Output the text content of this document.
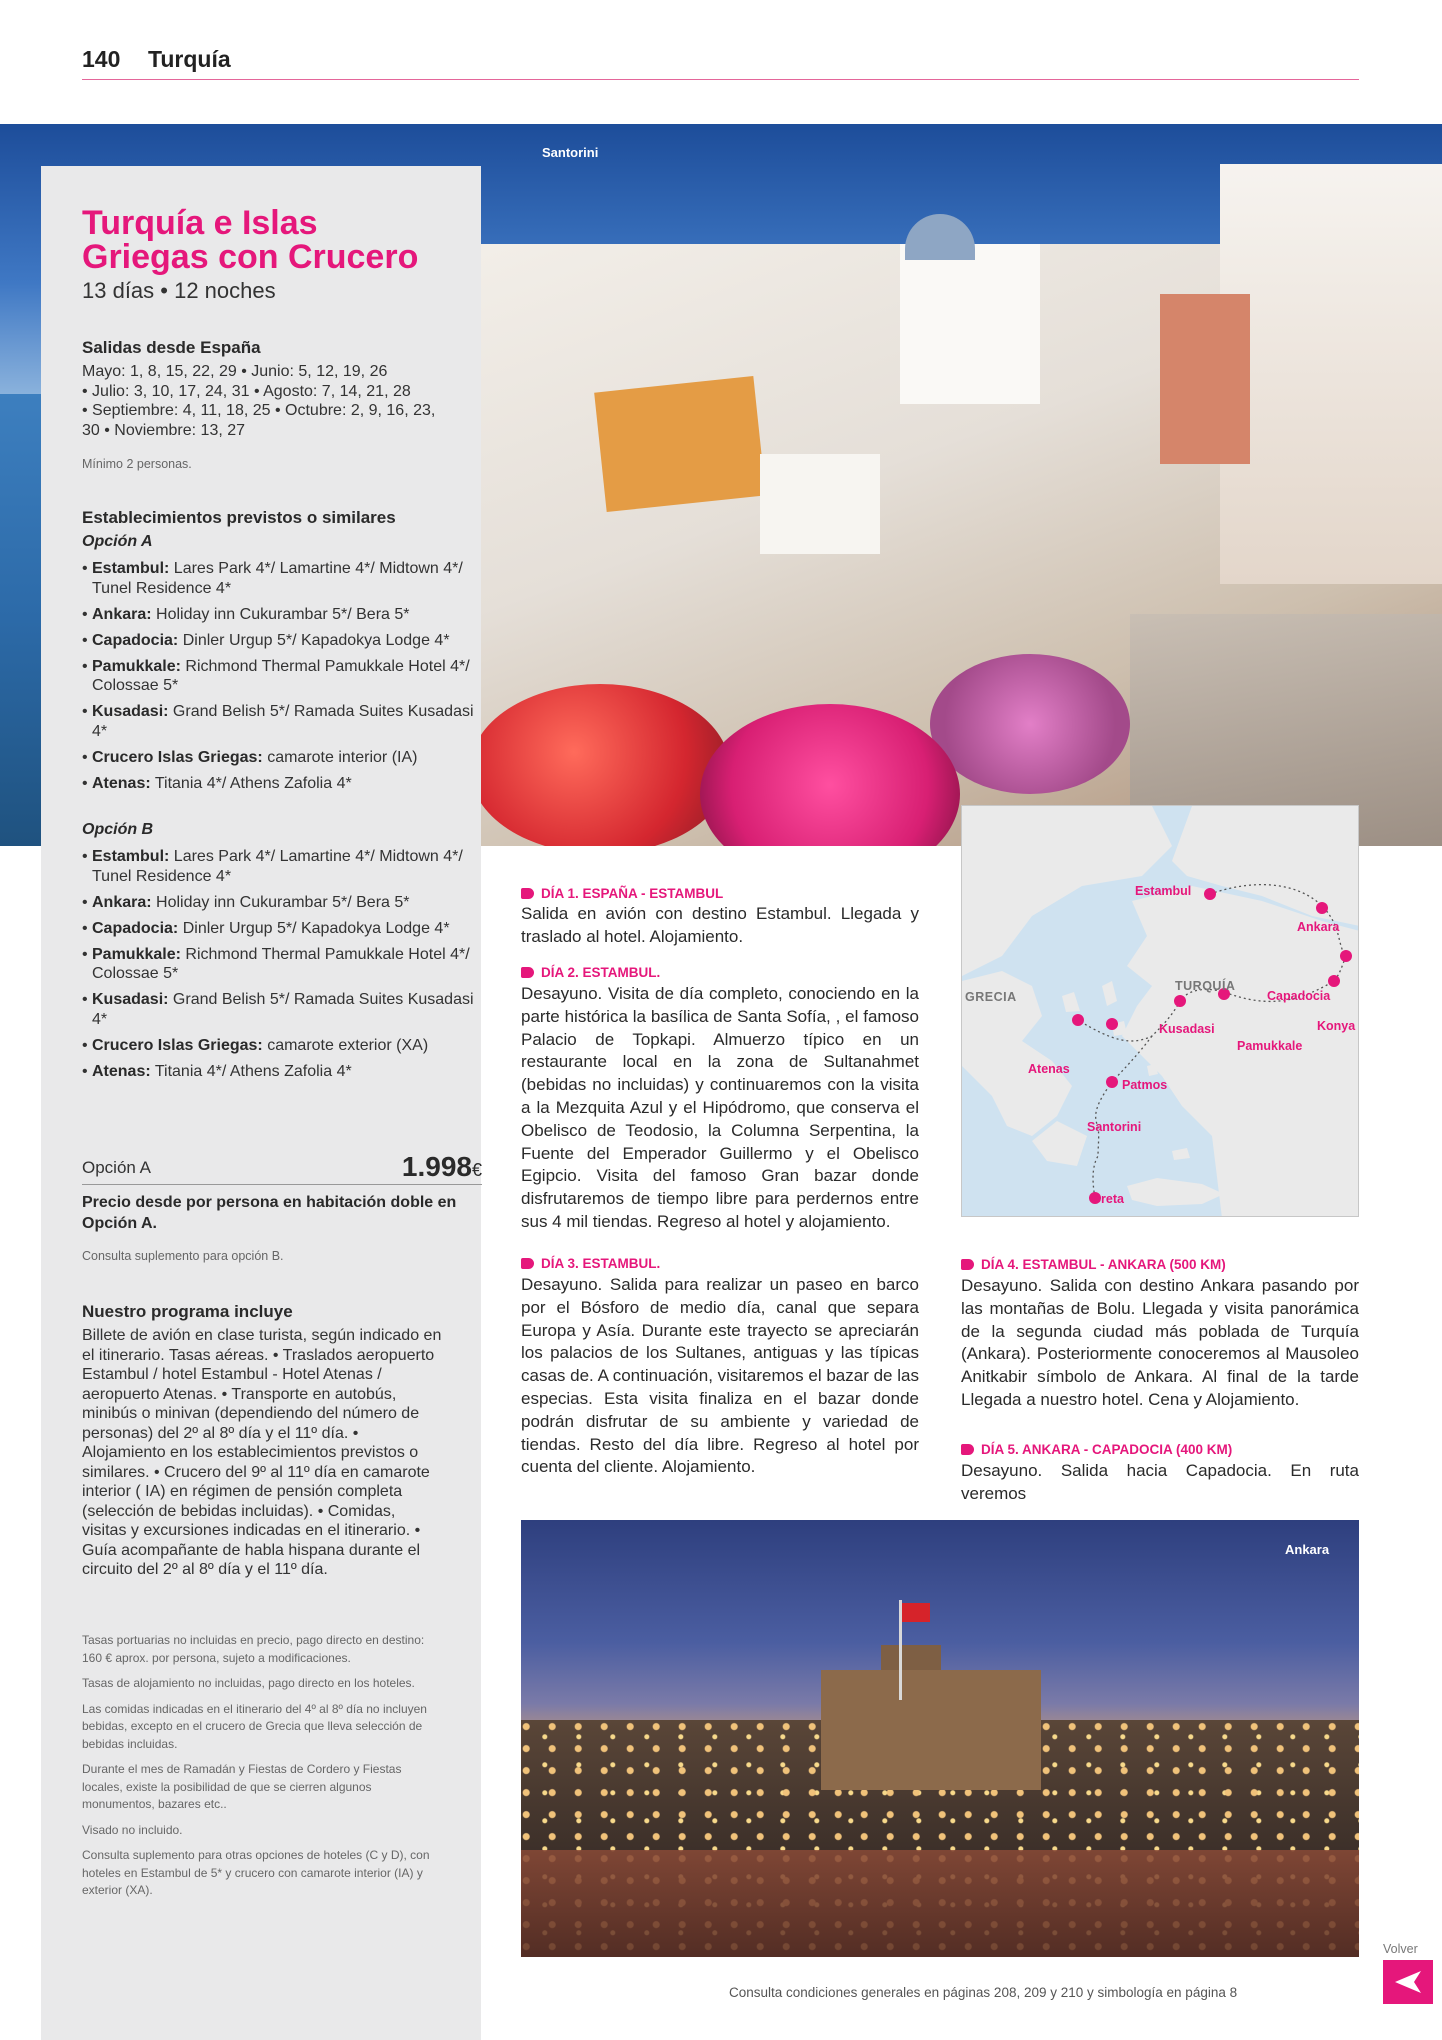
140 Turquía
Santorini
Turquía e Islas
Griegas con Crucero
13 días • 12 noches
Salidas desde España
Mayo: 1, 8, 15, 22, 29 • Junio: 5, 12, 19, 26
• Julio: 3, 10, 17, 24, 31 • Agosto: 7, 14, 21, 28
• Septiembre: 4, 11, 18, 25 • Octubre: 2, 9, 16, 23,
30 • Noviembre: 13, 27
Mínimo 2 personas.
Establecimientos previstos o similares
Opción A
• Estambul: Lares Park 4*/ Lamartine 4*/ Midtown 4*/ Tunel Residence 4*
• Ankara: Holiday inn Cukurambar 5*/ Bera 5*
• Capadocia: Dinler Urgup 5*/ Kapadokya Lodge 4*
• Pamukkale: Richmond Thermal Pamukkale Hotel 4*/ Colossae 5*
• Kusadasi: Grand Belish 5*/ Ramada Suites Kusadasi 4*
• Crucero Islas Griegas: camarote interior (IA)
• Atenas: Titania 4*/ Athens Zafolia 4*
Opción B
• Estambul: Lares Park 4*/ Lamartine 4*/ Midtown 4*/ Tunel Residence 4*
• Ankara: Holiday inn Cukurambar 5*/ Bera 5*
• Capadocia: Dinler Urgup 5*/ Kapadokya Lodge 4*
• Pamukkale: Richmond Thermal Pamukkale Hotel 4*/ Colossae 5*
• Kusadasi: Grand Belish 5*/ Ramada Suites Kusadasi 4*
• Crucero Islas Griegas: camarote exterior (XA)
• Atenas: Titania 4*/ Athens Zafolia 4*
Opción A	1.998€
Precio desde por persona en habitación doble en Opción A.
Consulta suplemento para opción B.
Nuestro programa incluye
Billete de avión en clase turista, según indicado en el itinerario. Tasas aéreas. • Traslados aeropuerto Estambul / hotel Estambul - Hotel Atenas / aeropuerto Atenas. • Transporte en autobús, minibús o minivan (dependiendo del número de personas) del 2º al 8º día y el 11º día. • Alojamiento en los establecimientos previstos o similares. • Crucero del 9º al 11º día en camarote interior ( IA) en régimen de pensión completa (selección de bebidas incluidas). • Comidas, visitas y excursiones indicadas en el itinerario. • Guía acompañante de habla hispana durante el circuito del 2º al 8º día y el 11º día.

Tasas portuarias no incluidas en precio, pago directo en destino: 160 € aprox. por persona, sujeto a modificaciones.

Tasas de alojamiento no incluidas, pago directo en los hoteles.

Las comidas indicadas en el itinerario del 4º al 8º día no incluyen bebidas, excepto en el crucero de Grecia que lleva selección de bebidas incluidas.

Durante el mes de Ramadán y Fiestas de Cordero y Fiestas locales, existe la posibilidad de que se cierren algunos monumentos, bazares etc..

Visado no incluido.

Consulta suplemento para otras opciones de hoteles (C y D), con hoteles en Estambul de 5* y crucero con camarote interior (IA) y exterior (XA).

GRECIA
TURQUÍA
Estambul
Ankara
Capadocia
Konya
Kusadasi
Pamukkale
Atenas
Patmos
Santorini
Creta
DÍA 1. ESPAÑA - ESTAMBUL
Salida en avión con destino Estambul. Llegada y traslado al hotel. Alojamiento.
DÍA 2. ESTAMBUL.
Desayuno. Visita de día completo, conociendo en la parte histórica la basílica de Santa Sofía, , el famoso Palacio de Topkapi. Almuerzo típico en un restaurante local en la zona de Sultanahmet (bebidas no incluidas) y continuaremos con la visita a la Mezquita Azul y el Hipódromo, que conserva el Obelisco de Teodosio, la Columna Serpentina, la Fuente del Emperador Guillermo y el Obelisco Egipcio. Visita del famoso Gran bazar donde disfrutaremos de tiempo libre para perdernos entre sus 4 mil tiendas. Regreso al hotel y alojamiento.
DÍA 3. ESTAMBUL.
Desayuno. Salida para realizar un paseo en barco por el Bósforo de medio día, canal que separa Europa y Asía. Durante este trayecto se apreciarán los palacios de los Sultanes, antiguas y las típicas casas de. A continuación, visitaremos el bazar de las especias. Esta visita finaliza en el bazar donde podrán disfrutar de su ambiente y variedad de tiendas. Resto del día libre. Regreso al hotel por cuenta del cliente. Alojamiento.
DÍA 4. ESTAMBUL - ANKARA (500 KM)
Desayuno. Salida con destino Ankara pasando por las montañas de Bolu. Llegada y visita panorámica de la segunda ciudad más poblada de Turquía (Ankara). Posteriormente conoceremos al Mausoleo Anitkabir símbolo de Ankara. Al final de la tarde Llegada a nuestro hotel. Cena y Alojamiento.
DÍA 5. ANKARA - CAPADOCIA (400 KM)
Desayuno. Salida hacia Capadocia. En ruta veremos
Ankara
Consulta condiciones generales en páginas 208, 209 y 210 y simbología en página 8
Volver
